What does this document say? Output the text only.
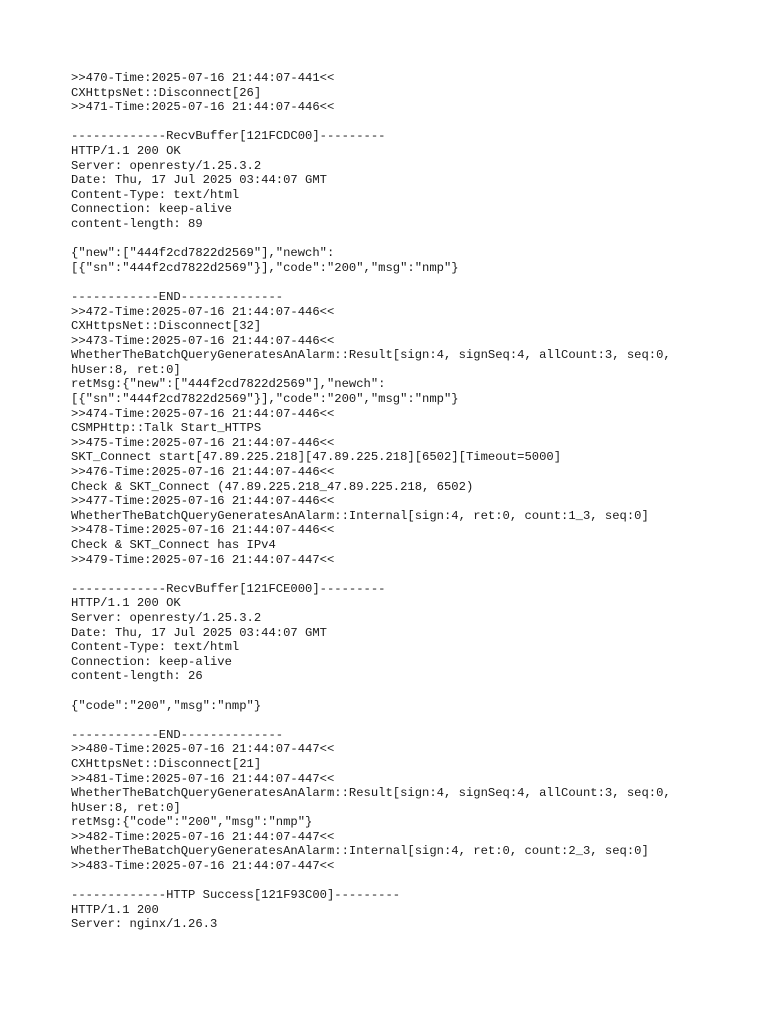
>>470-Time:2025-07-16 21:44:07-441<<
CXHttpsNet::Disconnect[26]
>>471-Time:2025-07-16 21:44:07-446<<
-------------RecvBuffer[121FCDC00]---------
HTTP/1.1 200 OK
Server: openresty/1.25.3.2
Date: Thu, 17 Jul 2025 03:44:07 GMT
Content-Type: text/html
Connection: keep-alive
content-length: 89
{"new":["444f2cd7822d2569"],"newch":
[{"sn":"444f2cd7822d2569"}],"code":"200","msg":"nmp"}
------------END--------------
>>472-Time:2025-07-16 21:44:07-446<<
CXHttpsNet::Disconnect[32]
>>473-Time:2025-07-16 21:44:07-446<<
WhetherTheBatchQueryGeneratesAnAlarm::Result[sign:4, signSeq:4, allCount:3, seq:0,
hUser:8, ret:0]
retMsg:{"new":["444f2cd7822d2569"],"newch":
[{"sn":"444f2cd7822d2569"}],"code":"200","msg":"nmp"}
>>474-Time:2025-07-16 21:44:07-446<<
CSMPHttp::Talk Start_HTTPS
>>475-Time:2025-07-16 21:44:07-446<<
SKT_Connect start[47.89.225.218][47.89.225.218][6502][Timeout=5000]
>>476-Time:2025-07-16 21:44:07-446<<
Check & SKT_Connect (47.89.225.218_47.89.225.218, 6502)
>>477-Time:2025-07-16 21:44:07-446<<
WhetherTheBatchQueryGeneratesAnAlarm::Internal[sign:4, ret:0, count:1_3, seq:0]
>>478-Time:2025-07-16 21:44:07-446<<
Check & SKT_Connect has IPv4
>>479-Time:2025-07-16 21:44:07-447<<
-------------RecvBuffer[121FCE000]---------
HTTP/1.1 200 OK
Server: openresty/1.25.3.2
Date: Thu, 17 Jul 2025 03:44:07 GMT
Content-Type: text/html
Connection: keep-alive
content-length: 26
{"code":"200","msg":"nmp"}
------------END--------------
>>480-Time:2025-07-16 21:44:07-447<<
CXHttpsNet::Disconnect[21]
>>481-Time:2025-07-16 21:44:07-447<<
WhetherTheBatchQueryGeneratesAnAlarm::Result[sign:4, signSeq:4, allCount:3, seq:0,
hUser:8, ret:0]
retMsg:{"code":"200","msg":"nmp"}
>>482-Time:2025-07-16 21:44:07-447<<
WhetherTheBatchQueryGeneratesAnAlarm::Internal[sign:4, ret:0, count:2_3, seq:0]
>>483-Time:2025-07-16 21:44:07-447<<
-------------HTTP Success[121F93C00]---------
HTTP/1.1 200
Server: nginx/1.26.3
